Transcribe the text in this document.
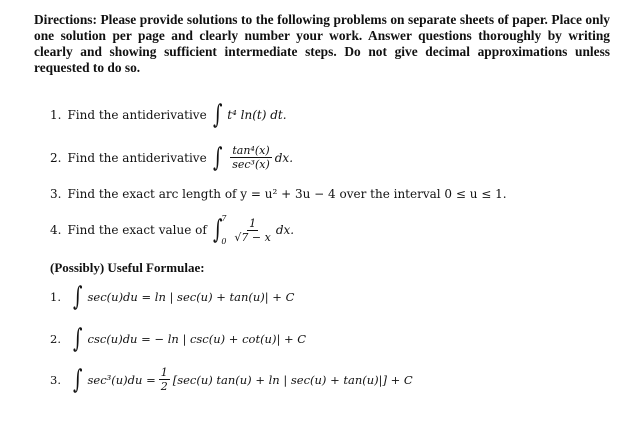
Directions: Please provide solutions to the following problems on separate sheets of paper. Place only one solution per page and clearly number your work. Answer questions thoroughly by writing clearly and showing sufficient intermediate steps. Do not give decimal approximations unless requested to do so.
1. Find the antiderivative ∫ t⁴ ln(t) dt.
2. Find the antiderivative ∫ $\frac{\text{tan⁴(x)}}{\text{sec³(x)}}$ dx.
3. Find the exact arc length of y = u² + 3u − 4 over the interval 0 ≤ u ≤ 1.
4. Find the exact value of ∫ 7
$0 \frac{1}{√7 - x}$ dx.
(Possibly) Useful Formulae:
1. ∫ sec(u)du = ln | sec(u) + tan(u)| + C
2. ∫ csc(u)du = − ln | csc(u) + cot(u)| + C
3. ∫ $\sec^3(u)du = \frac{1}{2} [\sec(u) \tan(u) + \ln$ | sec(u) + tan(u)|] + C
